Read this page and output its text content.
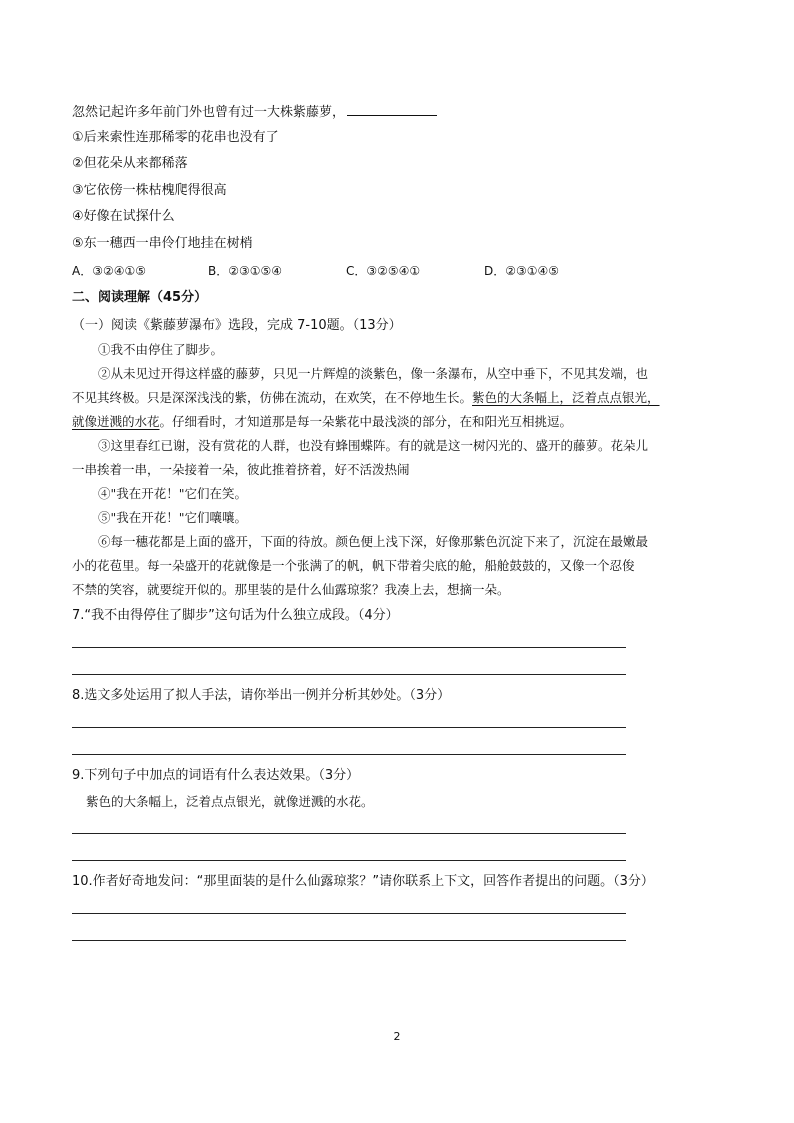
忽然记起许多年前门外也曾有过一大株紫藤萝，
①后来索性连那稀零的花串也没有了
②但花朵从来都稀落
③它依傍一株枯槐爬得很高
④好像在试探什么
⑤东一穗西一串伶仃地挂在树梢
A．③②④①⑤	B．②③①⑤④	C．③②⑤④①	D．②③①④⑤
二、阅读理解（45分）
（一）阅读《紫藤萝瀑布》选段，完成 7-10题。（13分）
①我不由停住了脚步。
②从未见过开得这样盛的藤萝，只见一片辉煌的淡紫色，像一条瀑布，从空中垂下，不见其发端，也
不见其终极。只是深深浅浅的紫，仿佛在流动，在欢笑，在不停地生长。紫色的大条幅上，泛着点点银光，
就像迸溅的水花。仔细看时，才知道那是每一朵紫花中最浅淡的部分，在和阳光互相挑逗。
③这里春红已谢，没有赏花的人群，也没有蜂围蝶阵。有的就是这一树闪光的、盛开的藤萝。花朵儿
一串挨着一串，一朵接着一朵，彼此推着挤着，好不活泼热闹
④"我在开花！"它们在笑。
⑤"我在开花！"它们嚷嚷。
⑥每一穗花都是上面的盛开，下面的待放。颜色便上浅下深，好像那紫色沉淀下来了，沉淀在最嫩最
小的花苞里。每一朵盛开的花就像是一个张满了的帆，帆下带着尖底的舱，船舱鼓鼓的，又像一个忍俊
不禁的笑容，就要绽开似的。那里装的是什么仙露琼浆？我凑上去，想摘一朵。
7.“我不由得停住了脚步”这句话为什么独立成段。（4分）
8.选文多处运用了拟人手法，请你举出一例并分析其妙处。（3分）
9.下列句子中加点的词语有什么表达效果。（3分）
紫色的大条幅上，泛着点点银光，就像迸溅的水花。
10.作者好奇地发问：“那里面装的是什么仙露琼浆？”请你联系上下文，回答作者提出的问题。（3分）
2
